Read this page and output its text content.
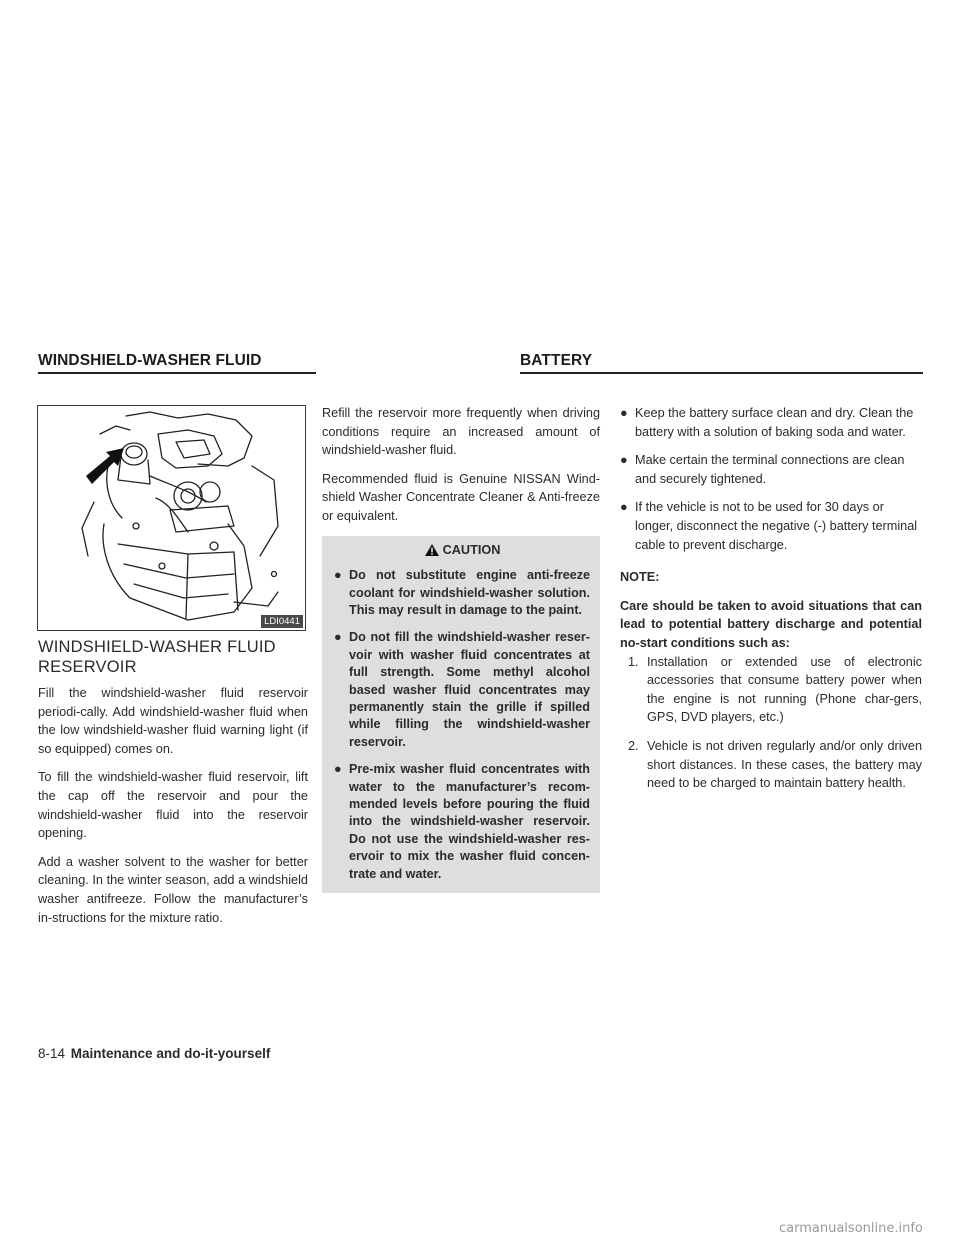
WINDSHIELD-WASHER FLUID	BATTERY
LDI0441
WINDSHIELD-WASHER FLUID RESERVOIR

Fill the windshield-washer fluid reservoir periodi-cally. Add windshield-washer fluid when the low windshield-washer fluid warning light (if so equipped) comes on.

To fill the windshield-washer fluid reservoir, lift the cap off the reservoir and pour the windshield-washer fluid into the reservoir opening.

Add a washer solvent to the washer for better cleaning. In the winter season, add a windshield washer antifreeze. Follow the manufacturer’s in-structions for the mixture ratio.

Refill the reservoir more frequently when driving conditions require an increased amount of windshield-washer fluid.

Recommended fluid is Genuine NISSAN Wind-shield Washer Concentrate Cleaner & Anti-freeze or equivalent.

CAUTION
● Do not substitute engine anti-freeze coolant for windshield-washer solution. This may result in damage to the paint.
● Do not fill the windshield-washer reser-voir with washer fluid concentrates at full strength. Some methyl alcohol based washer fluid concentrates may permanently stain the grille if spilled while filling the windshield-washer reservoir.
● Pre-mix washer fluid concentrates with water to the manufacturer’s recom-mended levels before pouring the fluid into the windshield-washer reservoir. Do not use the windshield-washer res-ervoir to mix the washer fluid concen-trate and water.
● Keep the battery surface clean and dry. Clean the battery with a solution of baking soda and water.
● Make certain the terminal connections are clean and securely tightened.
● If the vehicle is not to be used for 30 days or longer, disconnect the negative (-) battery terminal cable to prevent discharge.
NOTE:
Care should be taken to avoid situations that can lead to potential battery discharge and potential no-start conditions such as:
1. Installation or extended use of electronic accessories that consume battery power when the engine is not running (Phone char-gers, GPS, DVD players, etc.)
2. Vehicle is not driven regularly and/or only driven short distances. In these cases, the battery may need to be charged to maintain battery health.
8-14 Maintenance and do-it-yourself
carmanualsonline.info
